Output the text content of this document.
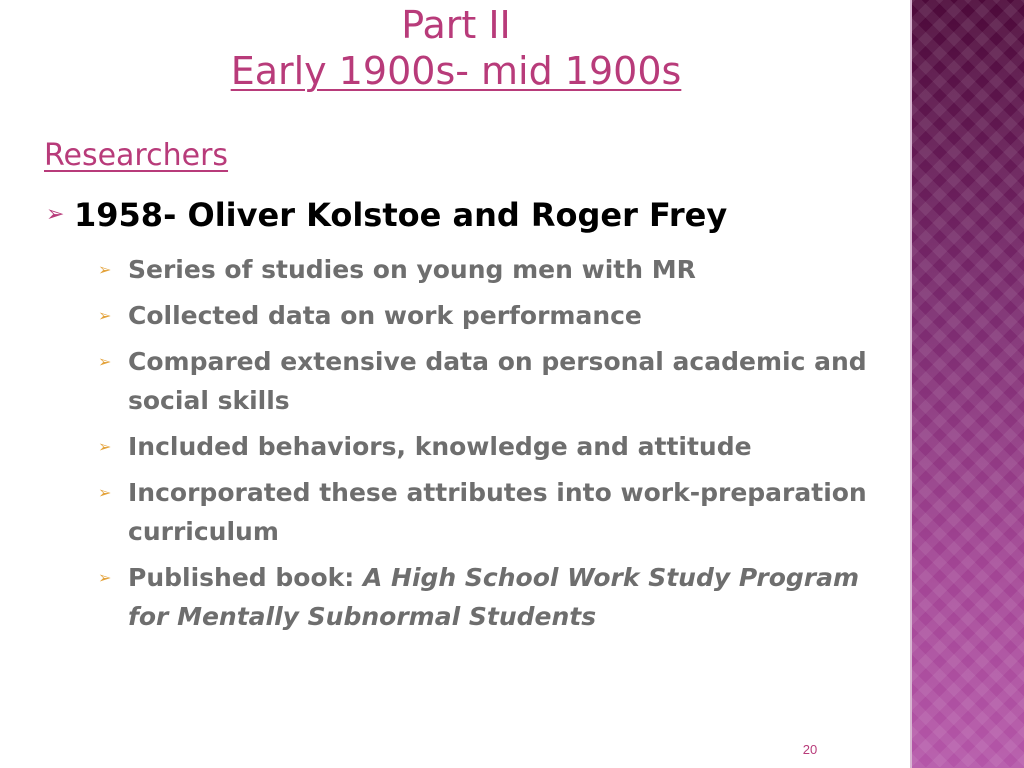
Part II
Early 1900s- mid 1900s
Researchers
➢ 1958- Oliver Kolstoe and Roger Frey
➢ Series of studies on young men with MR
➢ Collected data on work performance
➢ Compared extensive data on personal academic and social skills
➢ Included behaviors, knowledge and attitude
➢ Incorporated these attributes into work-preparation curriculum
➢ Published book: A High School Work Study Program for Mentally Subnormal Students
20
